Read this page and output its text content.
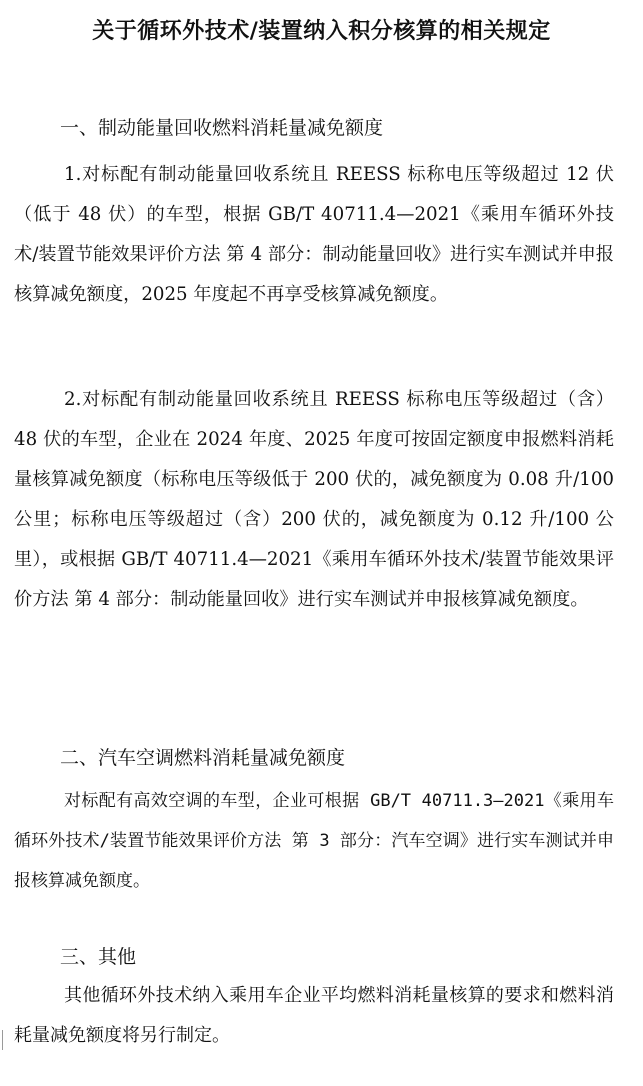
关于循环外技术/装置纳入积分核算的相关规定
一、制动能量回收燃料消耗量减免额度

1.对标配有制动能量回收系统且 REESS 标称电压等级超过 12 伏（低于 48 伏）的车型，根据 GB/T 40711.4—2021《乘用车循环外技术/装置节能效果评价方法 第 4 部分：制动能量回收》进行实车测试并申报核算减免额度，2025 年度起不再享受核算减免额度。

2.对标配有制动能量回收系统且 REESS 标称电压等级超过（含）48 伏的车型，企业在 2024 年度、2025 年度可按固定额度申报燃料消耗量核算减免额度（标称电压等级低于 200 伏的，减免额度为 0.08 升/100 公里；标称电压等级超过（含）200 伏的，减免额度为 0.12 升/100 公里），或根据 GB/T 40711.4—2021《乘用车循环外技术/装置节能效果评价方法 第 4 部分：制动能量回收》进行实车测试并申报核算减免额度。

二、汽车空调燃料消耗量减免额度

对标配有高效空调的车型，企业可根据 GB/T 40711.3—2021《乘用车循环外技术/装置节能效果评价方法 第 3 部分：汽车空调》进行实车测试并申报核算减免额度。

三、其他

其他循环外技术纳入乘用车企业平均燃料消耗量核算的要求和燃料消耗量减免额度将另行制定。
